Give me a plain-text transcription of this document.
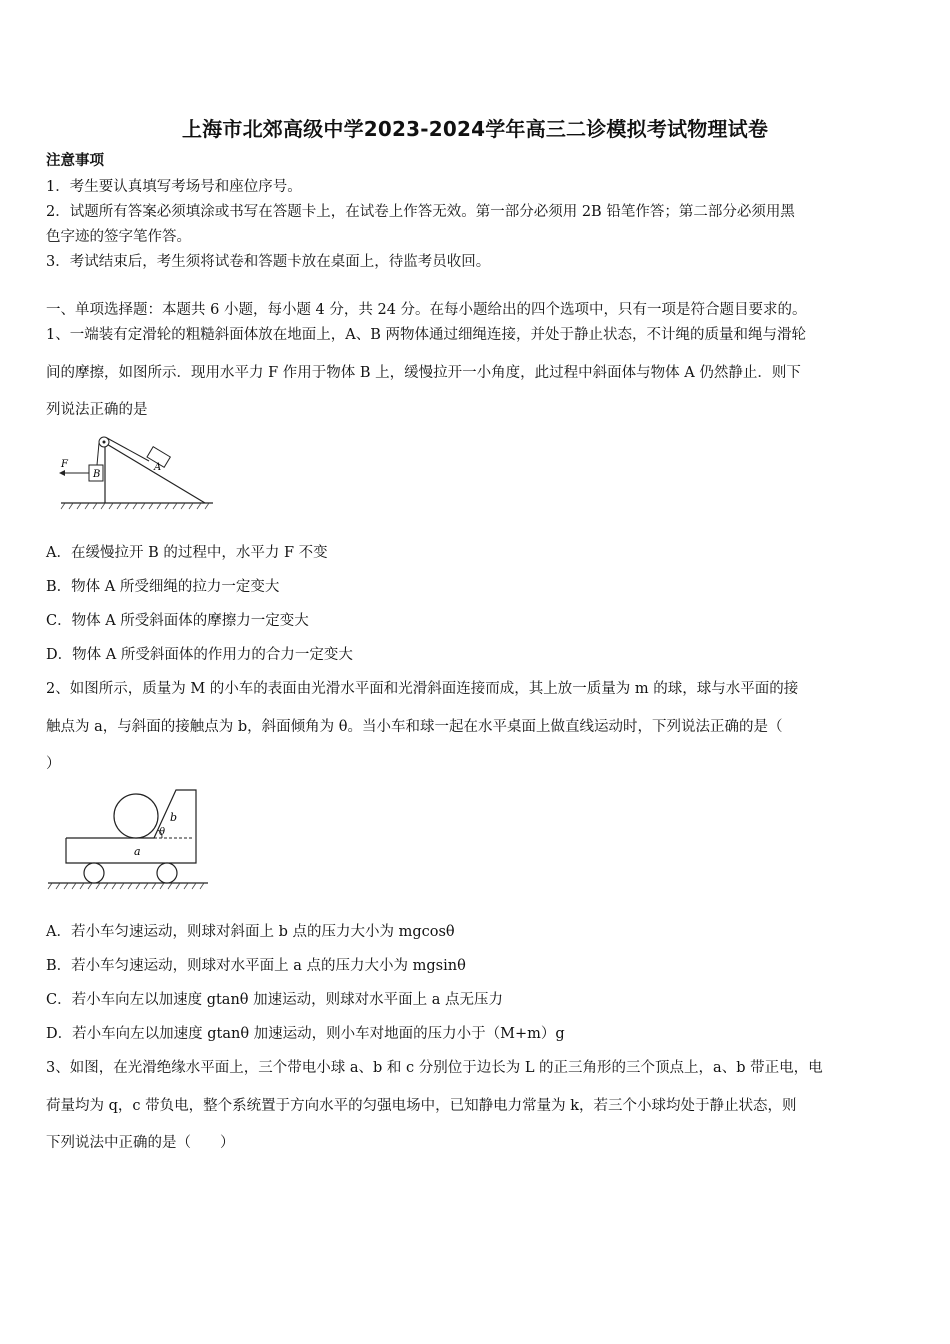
上海市北郊高级中学2023-2024学年高三二诊模拟考试物理试卷
注意事项
1．考生要认真填写考场号和座位序号。
2．试题所有答案必须填涂或书写在答题卡上，在试卷上作答无效。第一部分必须用 2B 铅笔作答；第二部分必须用黑
色字迹的签字笔作答。
3．考试结束后，考生须将试卷和答题卡放在桌面上，待监考员收回。
一、单项选择题：本题共 6 小题，每小题 4 分，共 24 分。在每小题给出的四个选项中，只有一项是符合题目要求的。
1、一端装有定滑轮的粗糙斜面体放在地面上，A、B 两物体通过细绳连接，并处于静止状态，不计绳的质量和绳与滑轮
间的摩擦，如图所示．现用水平力 F 作用于物体 B 上，缓慢拉开一小角度，此过程中斜面体与物体 A 仍然静止．则下
列说法正确的是
F
B
A
A．在缓慢拉开 B 的过程中，水平力 F 不变
B．物体 A 所受细绳的拉力一定变大
C．物体 A 所受斜面体的摩擦力一定变大
D．物体 A 所受斜面体的作用力的合力一定变大
2、如图所示，质量为 M 的小车的表面由光滑水平面和光滑斜面连接而成，其上放一质量为 m 的球，球与水平面的接
触点为 a，与斜面的接触点为 b，斜面倾角为 θ。当小车和球一起在水平桌面上做直线运动时，下列说法正确的是（
）
b
θ
a
A．若小车匀速运动，则球对斜面上 b 点的压力大小为 mgcosθ
B．若小车匀速运动，则球对水平面上 a 点的压力大小为 mgsinθ
C．若小车向左以加速度 gtanθ 加速运动，则球对水平面上 a 点无压力
D．若小车向左以加速度 gtanθ 加速运动，则小车对地面的压力小于（M+m）g
3、如图，在光滑绝缘水平面上，三个带电小球 a、b 和 c 分别位于边长为 L 的正三角形的三个顶点上，a、b 带正电，电
荷量均为 q，c 带负电，整个系统置于方向水平的匀强电场中，已知静电力常量为 k，若三个小球均处于静止状态，则
下列说法中正确的是（　　）
